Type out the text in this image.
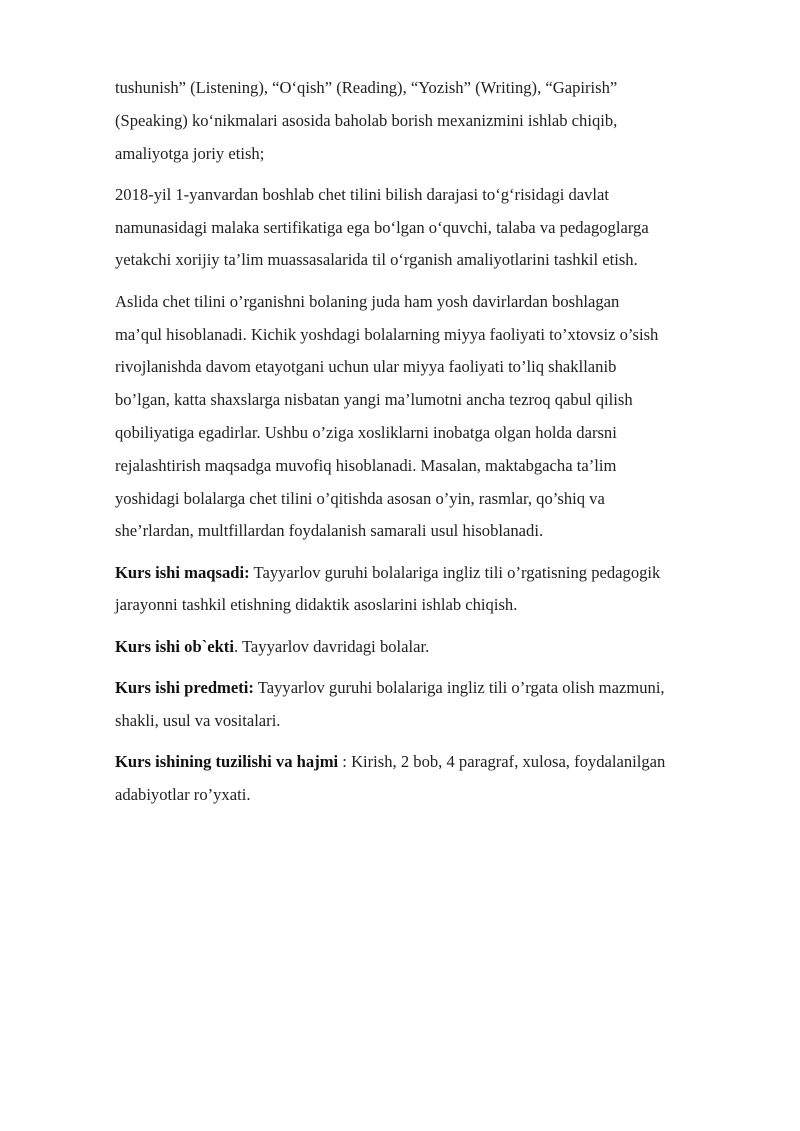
tushunish” (Listening), “O‘qish” (Reading), “Yozish” (Writing), “Gapirish”
(Speaking) ko‘nikmalari asosida baholab borish mexanizmini ishlab chiqib,
amaliyotga joriy etish;

2018-yil 1-yanvardan boshlab chet tilini bilish darajasi to‘g‘risidagi davlat
namunasidagi malaka sertifikatiga ega bo‘lgan o‘quvchi, talaba va pedagoglarga
yetakchi xorijiy ta’lim muassasalarida til o‘rganish amaliyotlarini tashkil etish.

Aslida chet tilini o’rganishni bolaning juda ham yosh davirlardan boshlagan
ma’qul hisoblanadi. Kichik yoshdagi bolalarning miyya faoliyati to’xtovsiz o’sish
rivojlanishda davom etayotgani uchun ular miyya faoliyati to’liq shakllanib
bo’lgan, katta shaxslarga nisbatan yangi ma’lumotni ancha tezroq qabul qilish
qobiliyatiga egadirlar. Ushbu o’ziga xosliklarni inobatga olgan holda darsni
rejalashtirish maqsadga muvofiq hisoblanadi. Masalan, maktabgacha ta’lim
yoshidagi bolalarga chet tilini o’qitishda asosan o’yin, rasmlar, qo’shiq va
she’rlardan, multfillardan foydalanish samarali usul hisoblanadi.

Kurs ishi maqsadi: Tayyarlov guruhi bolalariga ingliz tili o’rgatisning pedagogik
jarayonni tashkil etishning didaktik asoslarini ishlab chiqish.

Kurs ishi ob`ekti. Tayyarlov davridagi bolalar.

Kurs ishi predmeti: Tayyarlov guruhi bolalariga ingliz tili o’rgata olish mazmuni,
shakli, usul va vositalari.

Kurs ishining tuzilishi va hajmi : Kirish, 2 bob, 4 paragraf, xulosa, foydalanilgan
adabiyotlar ro’yxati.
